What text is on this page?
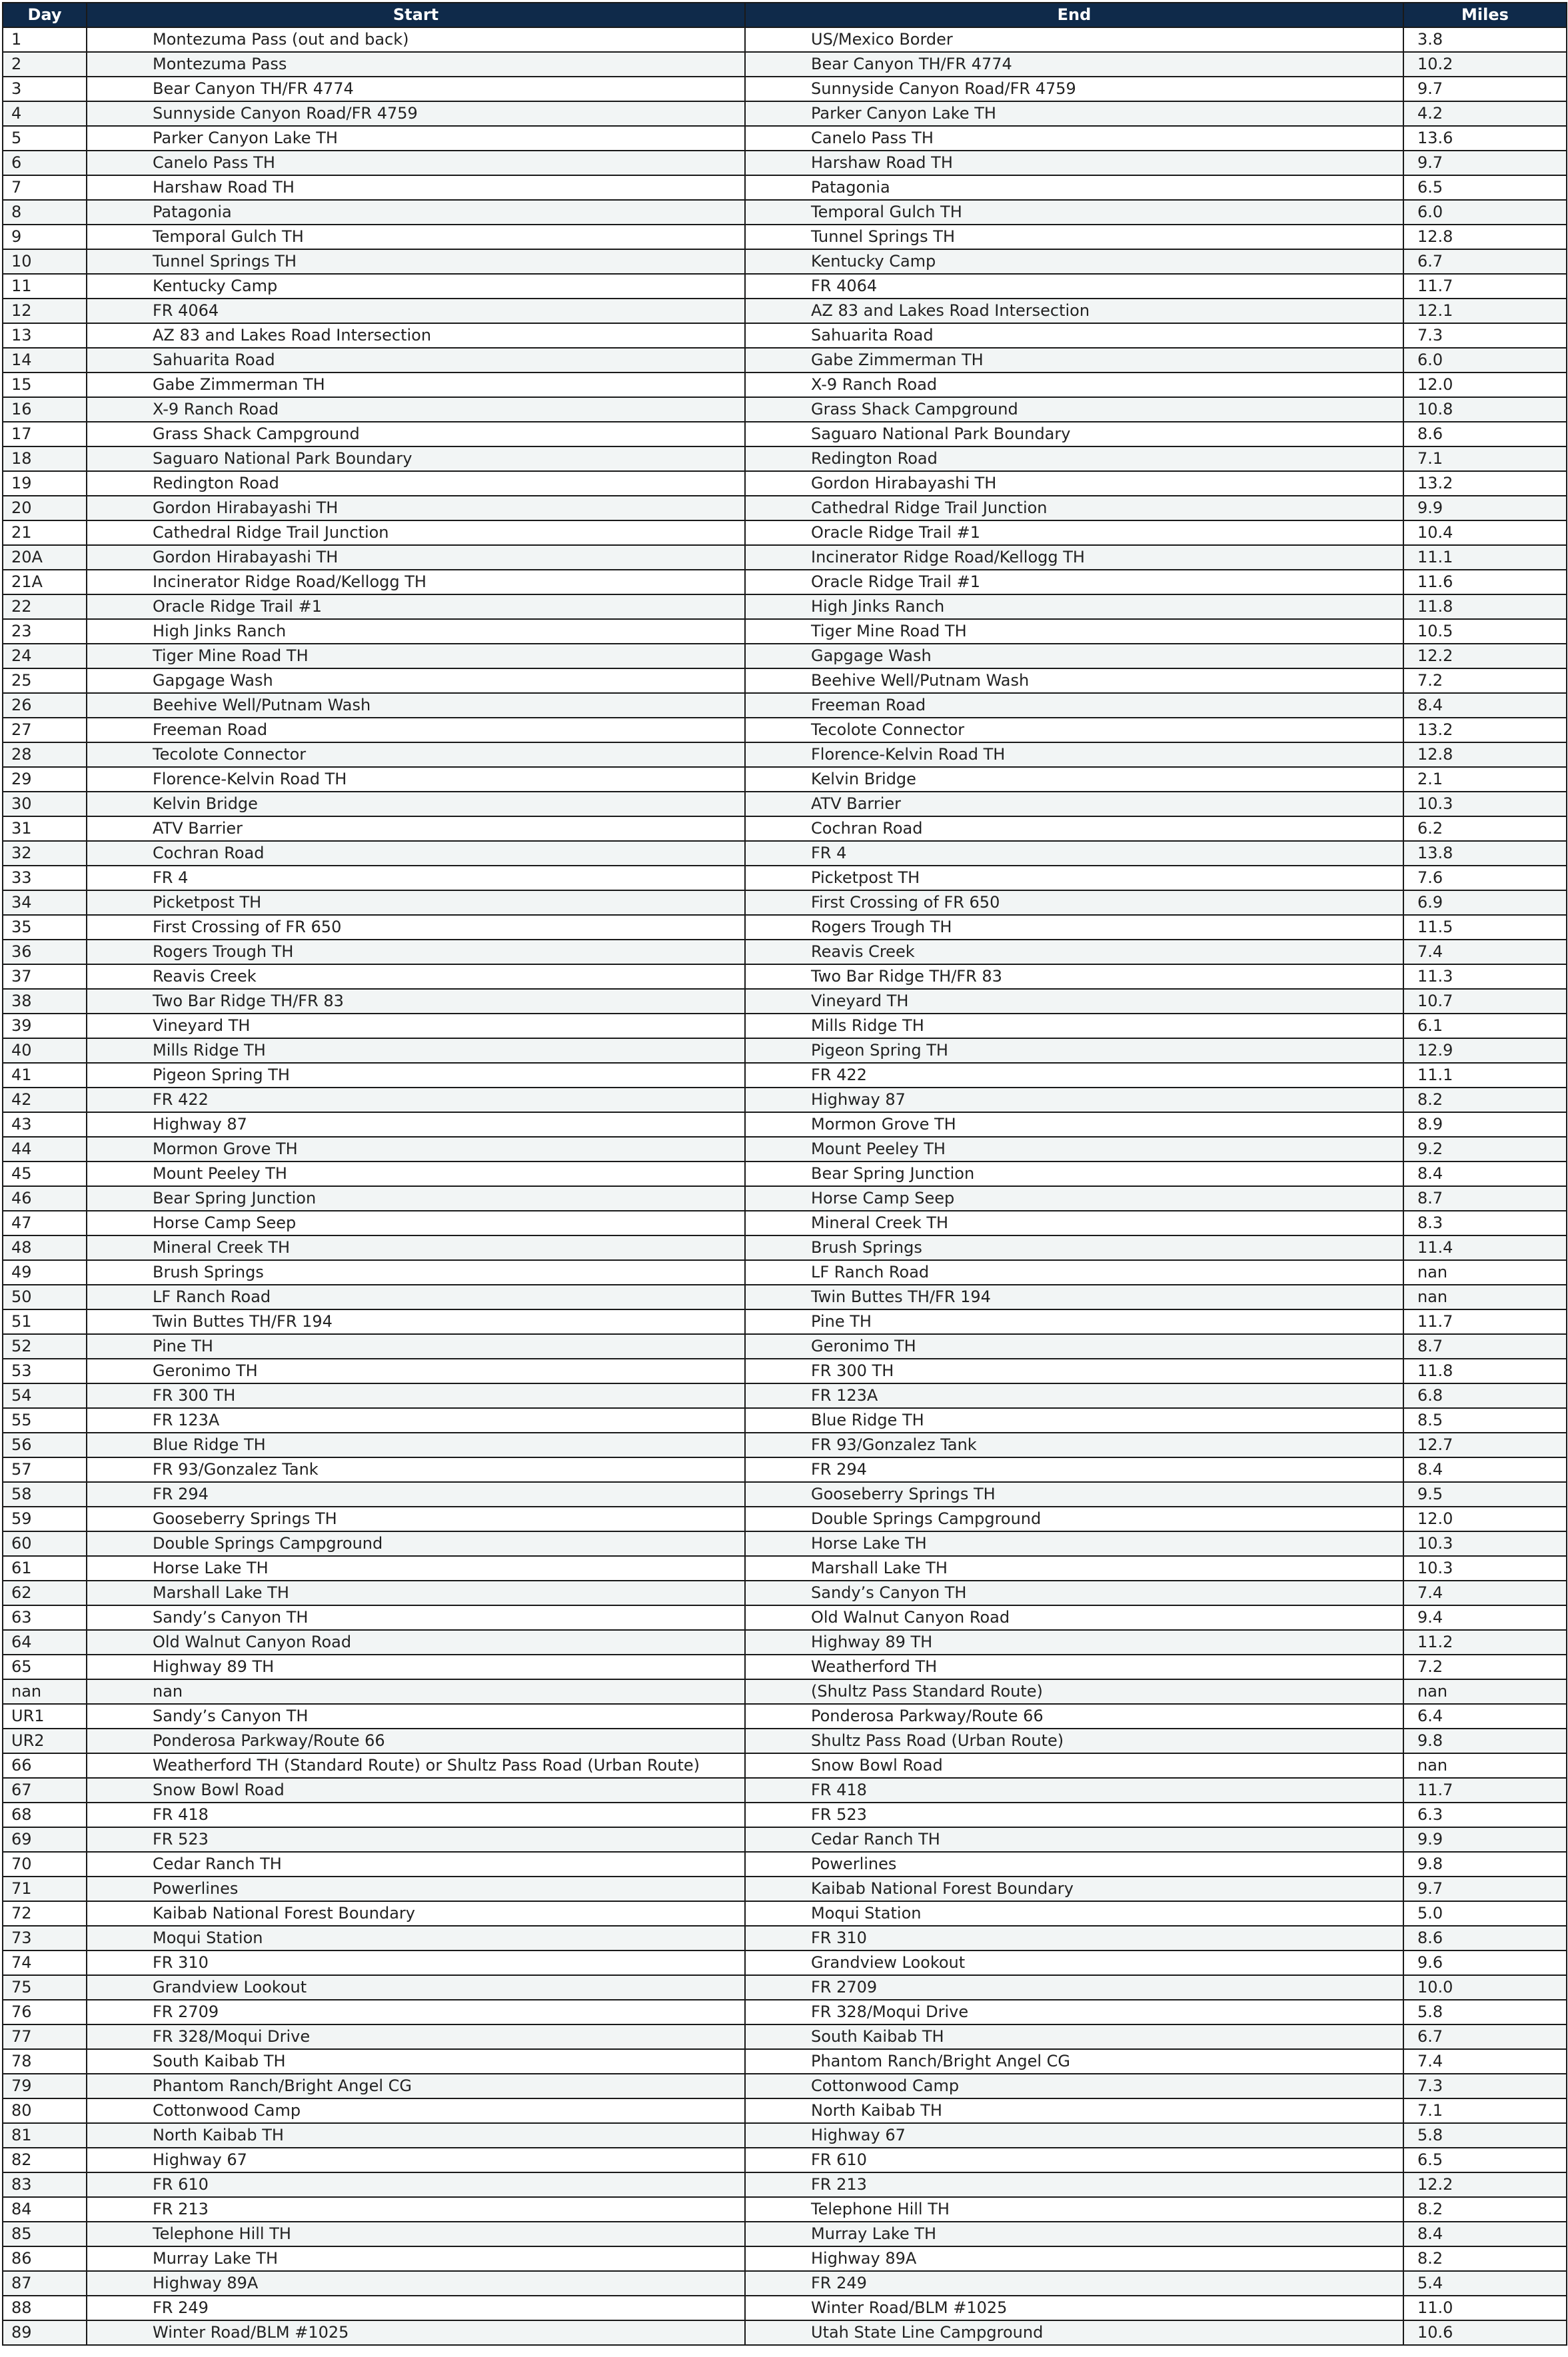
Day	Start	End	Miles
1	Montezuma Pass (out and back)	US/Mexico Border	3.8
2	Montezuma Pass	Bear Canyon TH/FR 4774	10.2
3	Bear Canyon TH/FR 4774	Sunnyside Canyon Road/FR 4759	9.7
4	Sunnyside Canyon Road/FR 4759	Parker Canyon Lake TH	4.2
5	Parker Canyon Lake TH	Canelo Pass TH	13.6
6	Canelo Pass TH	Harshaw Road TH	9.7
7	Harshaw Road TH	Patagonia	6.5
8	Patagonia	Temporal Gulch TH	6.0
9	Temporal Gulch TH	Tunnel Springs TH	12.8
10	Tunnel Springs TH	Kentucky Camp	6.7
11	Kentucky Camp	FR 4064	11.7
12	FR 4064	AZ 83 and Lakes Road Intersection	12.1
13	AZ 83 and Lakes Road Intersection	Sahuarita Road	7.3
14	Sahuarita Road	Gabe Zimmerman TH	6.0
15	Gabe Zimmerman TH	X-9 Ranch Road	12.0
16	X-9 Ranch Road	Grass Shack Campground	10.8
17	Grass Shack Campground	Saguaro National Park Boundary	8.6
18	Saguaro National Park Boundary	Redington Road	7.1
19	Redington Road	Gordon Hirabayashi TH	13.2
20	Gordon Hirabayashi TH	Cathedral Ridge Trail Junction	9.9
21	Cathedral Ridge Trail Junction	Oracle Ridge Trail #1	10.4
20A	Gordon Hirabayashi TH	Incinerator Ridge Road/Kellogg TH	11.1
21A	Incinerator Ridge Road/Kellogg TH	Oracle Ridge Trail #1	11.6
22	Oracle Ridge Trail #1	High Jinks Ranch	11.8
23	High Jinks Ranch	Tiger Mine Road TH	10.5
24	Tiger Mine Road TH	Gapgage Wash	12.2
25	Gapgage Wash	Beehive Well/Putnam Wash	7.2
26	Beehive Well/Putnam Wash	Freeman Road	8.4
27	Freeman Road	Tecolote Connector	13.2
28	Tecolote Connector	Florence-Kelvin Road TH	12.8
29	Florence-Kelvin Road TH	Kelvin Bridge	2.1
30	Kelvin Bridge	ATV Barrier	10.3
31	ATV Barrier	Cochran Road	6.2
32	Cochran Road	FR 4	13.8
33	FR 4	Picketpost TH	7.6
34	Picketpost TH	First Crossing of FR 650	6.9
35	First Crossing of FR 650	Rogers Trough TH	11.5
36	Rogers Trough TH	Reavis Creek	7.4
37	Reavis Creek	Two Bar Ridge TH/FR 83	11.3
38	Two Bar Ridge TH/FR 83	Vineyard TH	10.7
39	Vineyard TH	Mills Ridge TH	6.1
40	Mills Ridge TH	Pigeon Spring TH	12.9
41	Pigeon Spring TH	FR 422	11.1
42	FR 422	Highway 87	8.2
43	Highway 87	Mormon Grove TH	8.9
44	Mormon Grove TH	Mount Peeley TH	9.2
45	Mount Peeley TH	Bear Spring Junction	8.4
46	Bear Spring Junction	Horse Camp Seep	8.7
47	Horse Camp Seep	Mineral Creek TH	8.3
48	Mineral Creek TH	Brush Springs	11.4
49	Brush Springs	LF Ranch Road	nan
50	LF Ranch Road	Twin Buttes TH/FR 194	nan
51	Twin Buttes TH/FR 194	Pine TH	11.7
52	Pine TH	Geronimo TH	8.7
53	Geronimo TH	FR 300 TH	11.8
54	FR 300 TH	FR 123A	6.8
55	FR 123A	Blue Ridge TH	8.5
56	Blue Ridge TH	FR 93/Gonzalez Tank	12.7
57	FR 93/Gonzalez Tank	FR 294	8.4
58	FR 294	Gooseberry Springs TH	9.5
59	Gooseberry Springs TH	Double Springs Campground	12.0
60	Double Springs Campground	Horse Lake TH	10.3
61	Horse Lake TH	Marshall Lake TH	10.3
62	Marshall Lake TH	Sandy’s Canyon TH	7.4
63	Sandy’s Canyon TH	Old Walnut Canyon Road	9.4
64	Old Walnut Canyon Road	Highway 89 TH	11.2
65	Highway 89 TH	Weatherford TH	7.2
nan	nan	(Shultz Pass Standard Route)	nan
UR1	Sandy’s Canyon TH	Ponderosa Parkway/Route 66	6.4
UR2	Ponderosa Parkway/Route 66	Shultz Pass Road (Urban Route)	9.8
66	Weatherford TH (Standard Route) or Shultz Pass Road (Urban Route)	Snow Bowl Road	nan
67	Snow Bowl Road	FR 418	11.7
68	FR 418	FR 523	6.3
69	FR 523	Cedar Ranch TH	9.9
70	Cedar Ranch TH	Powerlines	9.8
71	Powerlines	Kaibab National Forest Boundary	9.7
72	Kaibab National Forest Boundary	Moqui Station	5.0
73	Moqui Station	FR 310	8.6
74	FR 310	Grandview Lookout	9.6
75	Grandview Lookout	FR 2709	10.0
76	FR 2709	FR 328/Moqui Drive	5.8
77	FR 328/Moqui Drive	South Kaibab TH	6.7
78	South Kaibab TH	Phantom Ranch/Bright Angel CG	7.4
79	Phantom Ranch/Bright Angel CG	Cottonwood Camp	7.3
80	Cottonwood Camp	North Kaibab TH	7.1
81	North Kaibab TH	Highway 67	5.8
82	Highway 67	FR 610	6.5
83	FR 610	FR 213	12.2
84	FR 213	Telephone Hill TH	8.2
85	Telephone Hill TH	Murray Lake TH	8.4
86	Murray Lake TH	Highway 89A	8.2
87	Highway 89A	FR 249	5.4
88	FR 249	Winter Road/BLM #1025	11.0
89	Winter Road/BLM #1025	Utah State Line Campground	10.6
